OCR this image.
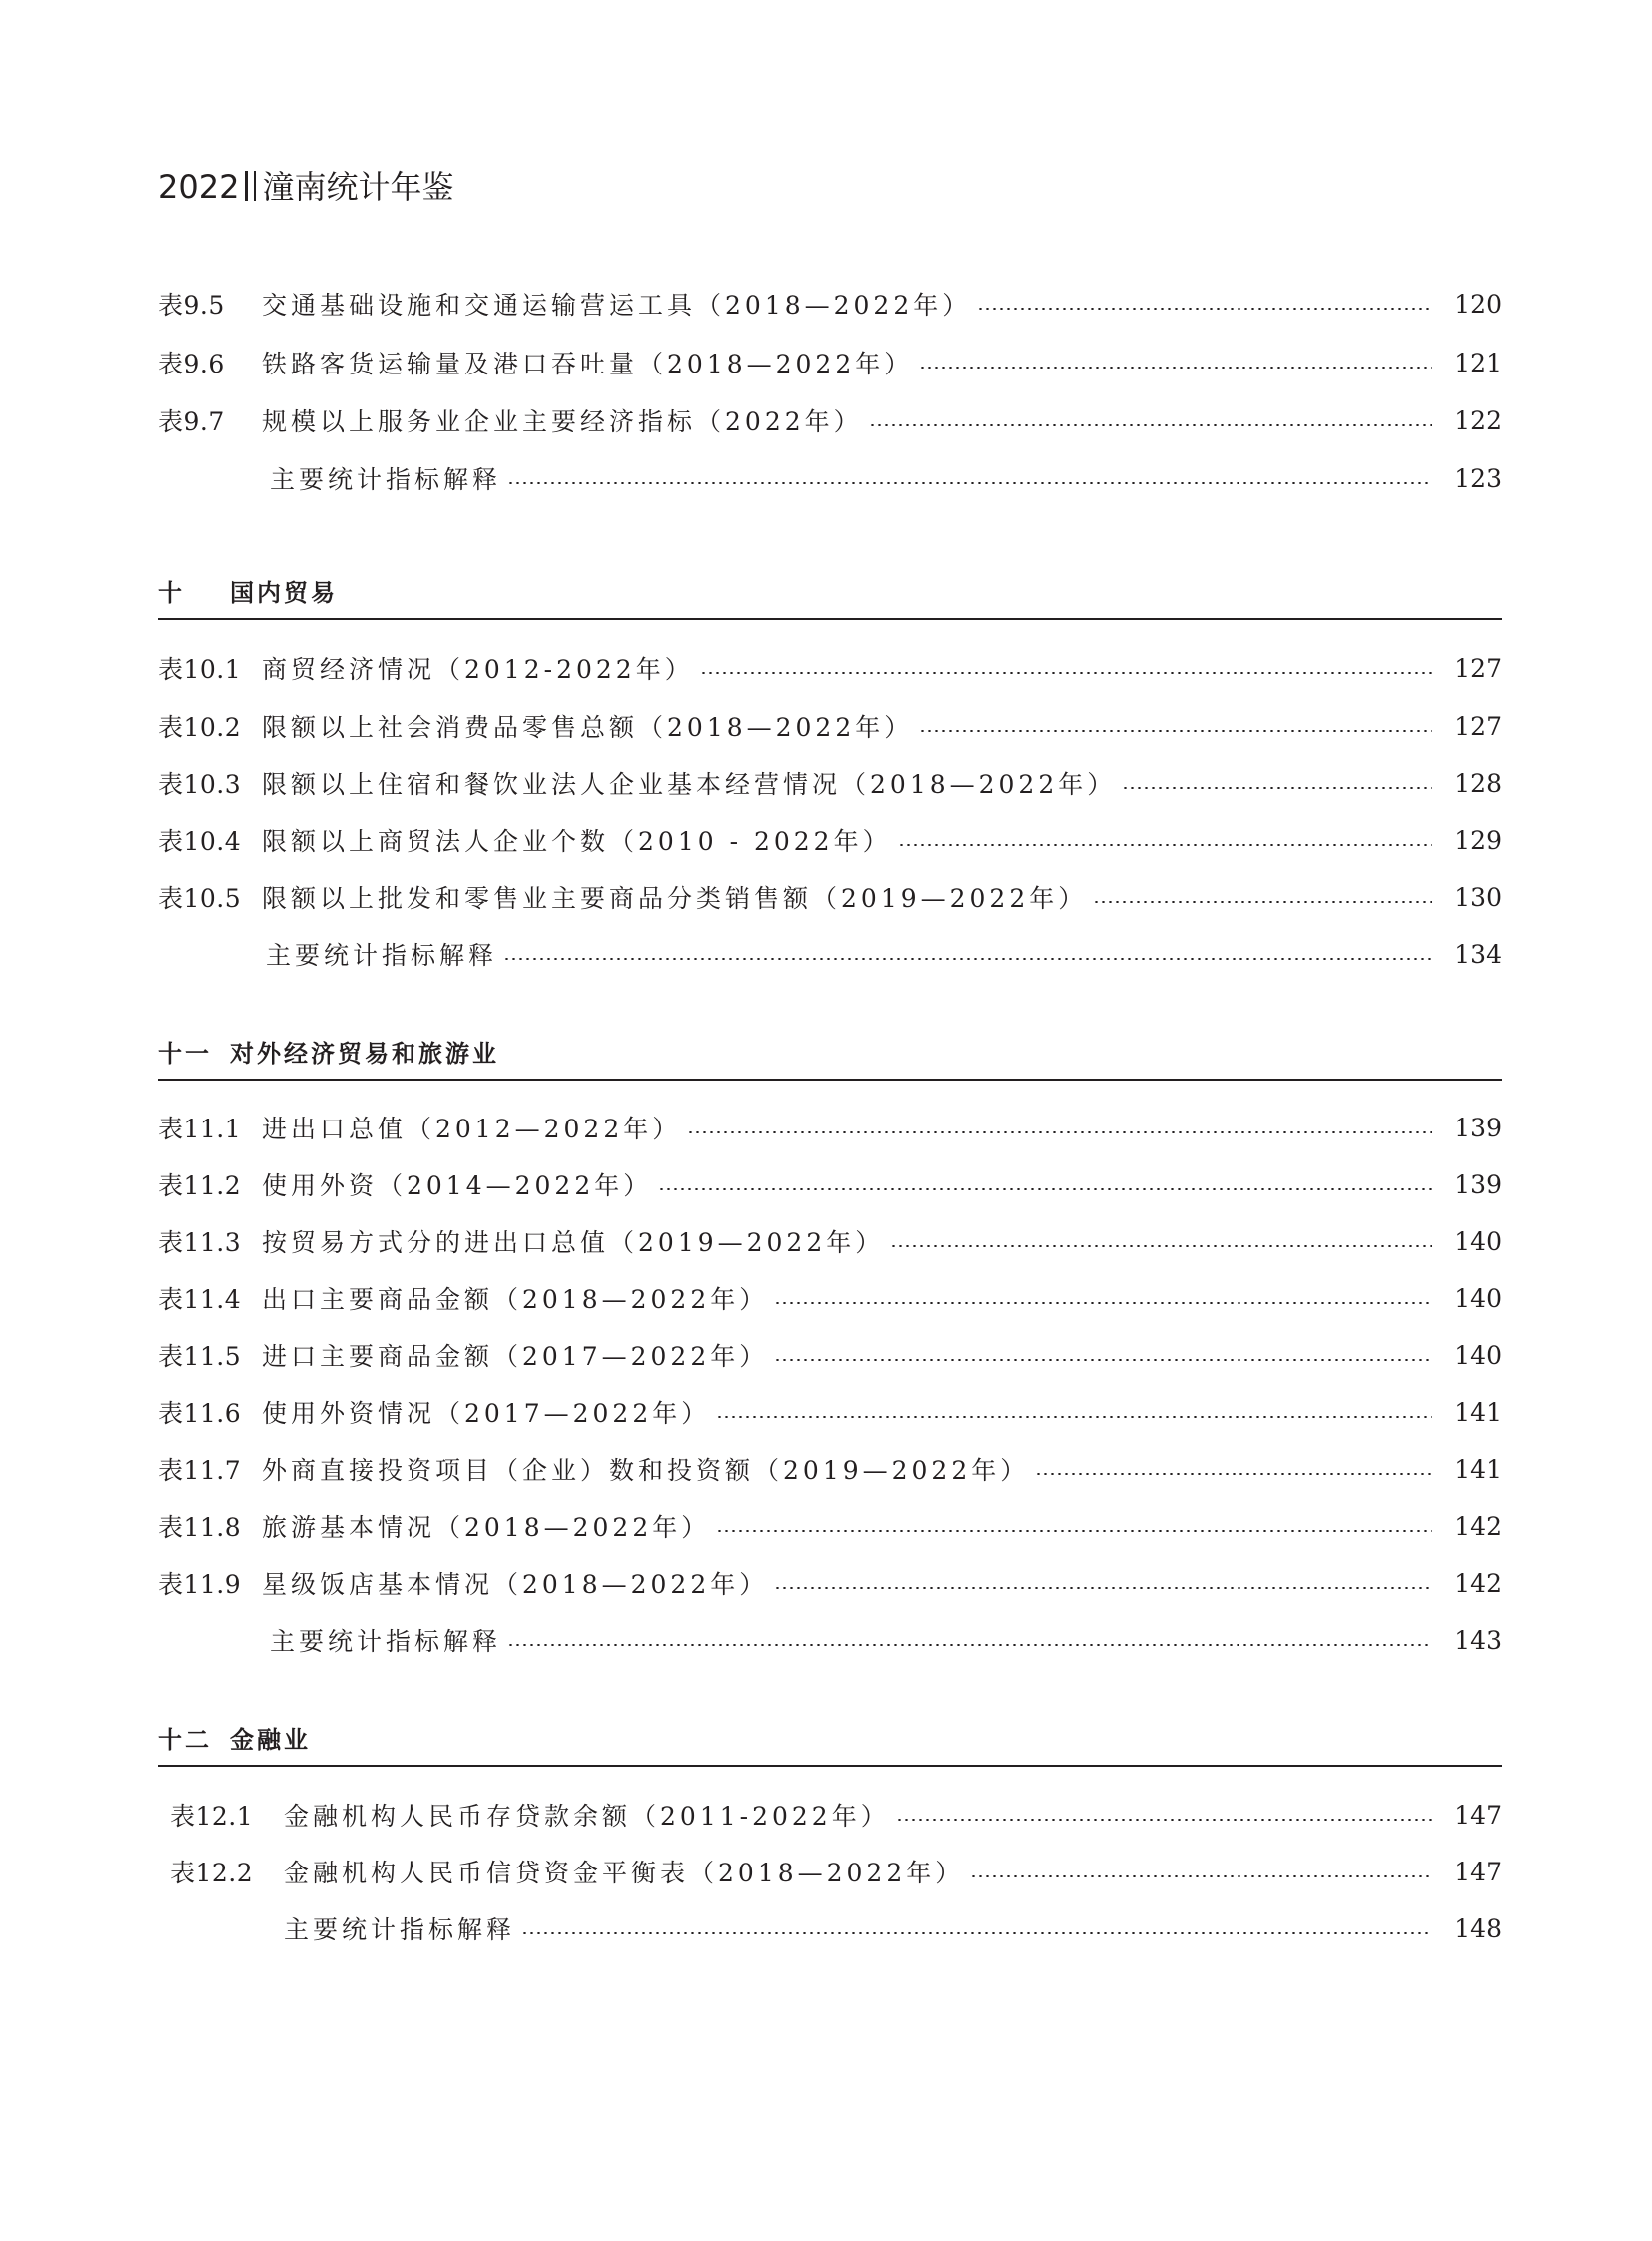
2022 潼南统计年鉴
表9.5	交通基础设施和交通运输营运工具（2018—2022年）	120
表9.6	铁路客货运输量及港口吞吐量（2018—2022年）	121
表9.7	规模以上服务业企业主要经济指标（2022年）	122
主要统计指标解释	123
十 国内贸易
表10.1 商贸经济情况（2012-2022年）	127
表10.2 限额以上社会消费品零售总额（2018—2022年）	127
表10.3 限额以上住宿和餐饮业法人企业基本经营情况（2018—2022年）	128
表10.4 限额以上商贸法人企业个数（2010 - 2022年）	129
表10.5 限额以上批发和零售业主要商品分类销售额（2019—2022年）	130
主要统计指标解释	134
十一 对外经济贸易和旅游业
表11.1 进出口总值（2012—2022年）	139
表11.2 使用外资（2014—2022年）	139
表11.3 按贸易方式分的进出口总值（2019—2022年）	140
表11.4 出口主要商品金额（2018—2022年）	140
表11.5 进口主要商品金额（2017—2022年）	140
表11.6 使用外资情况（2017—2022年）	141
表11.7 外商直接投资项目（企业）数和投资额（2019—2022年）	141
表11.8 旅游基本情况（2018—2022年）	142
表11.9 星级饭店基本情况（2018—2022年）	142
主要统计指标解释	143
十二 金融业
表12.1	金融机构人民币存贷款余额（2011-2022年）	147
表12.2	金融机构人民币信贷资金平衡表（2018—2022年）	147
主要统计指标解释	148
